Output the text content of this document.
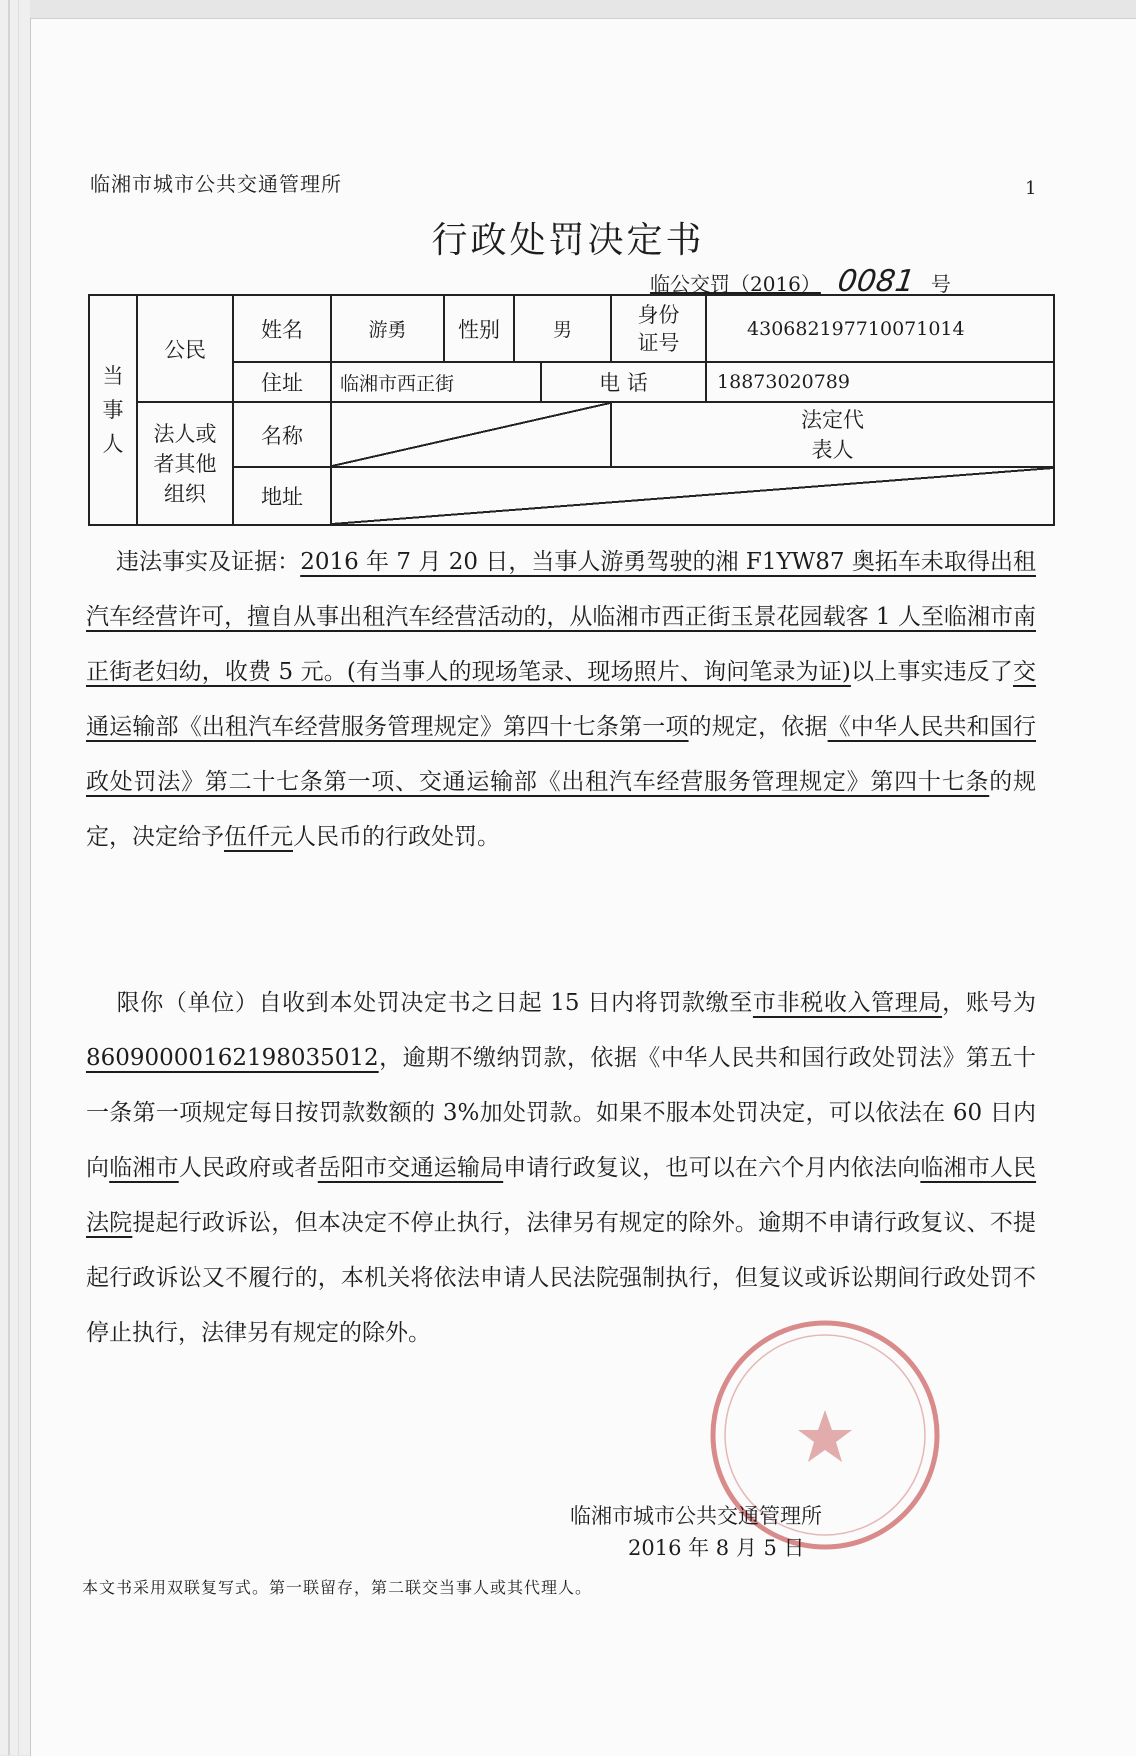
临湘市城市公共交通管理所	1
行政处罚决定书
临公交罚（2016） 0081 号
当事人	公民	姓名	游勇	性别	男		身份证号	430682197710071014	
		住址	临湘市西正街			电 话		18873020789	

	法人或者其他组织	名称					法定代表人		

		地址							
违法事实及证据：2016 年 7 月 20 日，当事人游勇驾驶的湘 F1YW87 奥拓车未取得出租汽车经营许可，擅自从事出租汽车经营活动的，从临湘市西正街玉景花园载客 1 人至临湘市南正街老妇幼，收费 5 元。(有当事人的现场笔录、现场照片、询问笔录为证)以上事实违反了交通运输部《出租汽车经营服务管理规定》第四十七条第一项的规定，依据《中华人民共和国行政处罚法》第二十七条第一项、交通运输部《出租汽车经营服务管理规定》第四十七条的规定，决定给予伍仟元人民币的行政处罚。
限你（单位）自收到本处罚决定书之日起 15 日内将罚款缴至市非税收入管理局，账号为86090000162198035012，逾期不缴纳罚款，依据《中华人民共和国行政处罚法》第五十一条第一项规定每日按罚款数额的 3%加处罚款。如果不服本处罚决定，可以依法在 60 日内向临湘市人民政府或者岳阳市交通运输局申请行政复议，也可以在六个月内依法向临湘市人民法院提起行政诉讼，但本决定不停止执行，法律另有规定的除外。逾期不申请行政复议、不提起行政诉讼又不履行的，本机关将依法申请人民法院强制执行，但复议或诉讼期间行政处罚不停止执行，法律另有规定的除外。
临湘市城市公共交通管理所
2016 年 8 月 5 日
本文书采用双联复写式。第一联留存，第二联交当事人或其代理人。
